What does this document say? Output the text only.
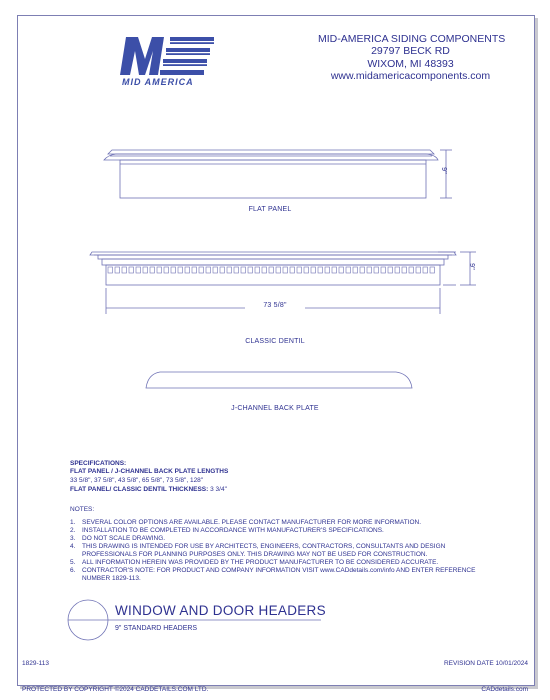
MID AMERICA
MID-AMERICA SIDING COMPONENTS
29797 BECK RD
WIXOM, MI 48393
www.midamericacomponents.com
9"
FLAT PANEL
9"
73 5/8"
CLASSIC DENTIL
J-CHANNEL BACK PLATE
SPECIFICATIONS:
FLAT PANEL / J-CHANNEL BACK PLATE LENGTHS
33 5/8", 37 5/8", 43 5/8", 65 5/8", 73 5/8", 128"
FLAT PANEL/ CLASSIC DENTIL THICKNESS: 3 3/4"
1.	SEVERAL COLOR OPTIONS ARE AVAILABLE. PLEASE CONTACT MANUFACTURER FOR MORE INFORMATION.
2.	INSTALLATION TO BE COMPLETED IN ACCORDANCE WITH MANUFACTURER'S SPECIFICATIONS.
3.	DO NOT SCALE DRAWING.
4.	THIS DRAWING IS INTENDED FOR USE BY ARCHITECTS, ENGINEERS, CONTRACTORS, CONSULTANTS AND DESIGN PROFESSIONALS FOR PLANNING PURPOSES ONLY. THIS DRAWING MAY NOT BE USED FOR CONSTRUCTION.
5.	ALL INFORMATION HEREIN WAS PROVIDED BY THE PRODUCT MANUFACTURER TO BE CONSIDERED ACCURATE.
6.	CONTRACTOR'S NOTE: FOR PRODUCT AND COMPANY INFORMATION VISIT www.CADdetails.com/info AND ENTER REFERENCE NUMBER 1829-113.
WINDOW AND DOOR HEADERS
9" STANDARD HEADERS
1829-113	REVISION DATE 10/01/2024
PROTECTED BY COPYRIGHT ©2024 CADDETAILS.COM LTD.	CADdetails.com
